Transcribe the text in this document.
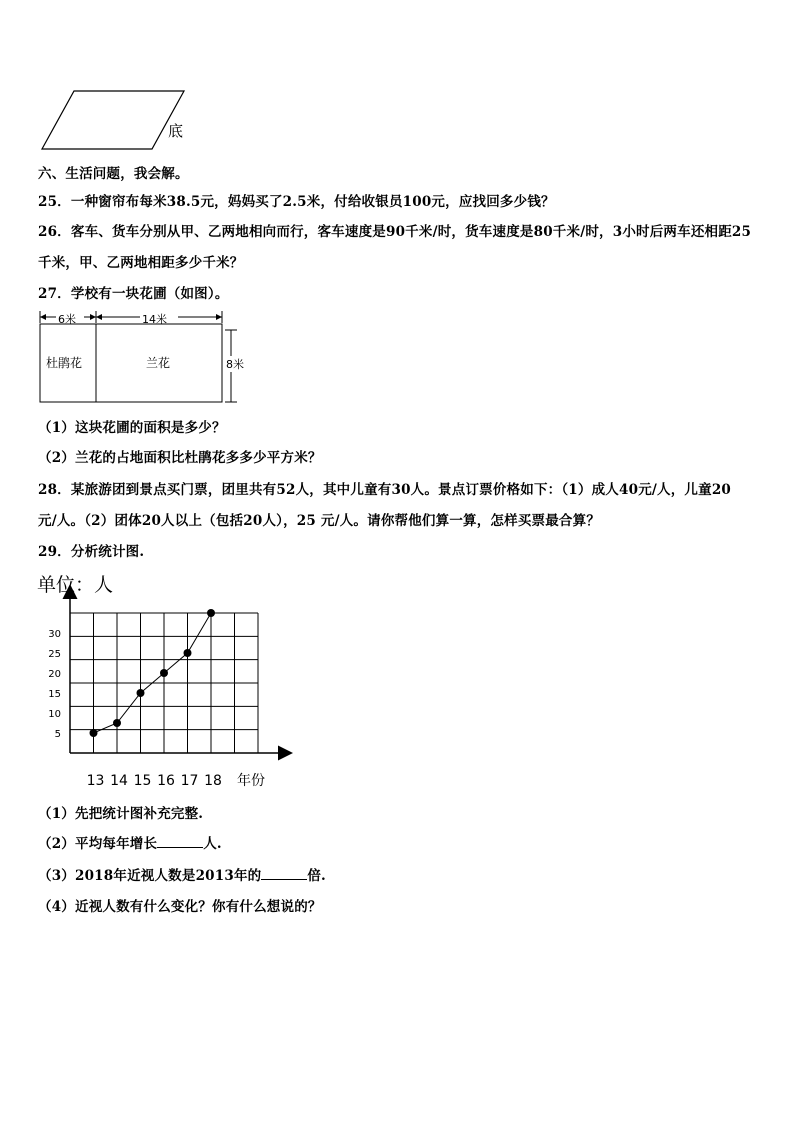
底
六、生活问题，我会解。
25．一种窗帘布每米38.5元，妈妈买了2.5米，付给收银员100元，应找回多少钱？
26．客车、货车分别从甲、乙两地相向而行，客车速度是90千米/时，货车速度是80千米/时，3小时后两车还相距25
千米，甲、乙两地相距多少千米？
27．学校有一块花圃（如图）。
6米	14米
8米
杜鹃花	兰花
（1）这块花圃的面积是多少？
（2）兰花的占地面积比杜鹃花多多少平方米？
28．某旅游团到景点买门票，团里共有52人，其中儿童有30人。景点订票价格如下：（1）成人40元/人，儿童20
元/人。（2）团体20人以上（包括20人），25 元/人。请你帮他们算一算，怎样买票最合算？
29．分析统计图.
单位：人
5
10
15
20
25
30
13 14 15 16 17 18 年份
（1）先把统计图补充完整.
（2）平均每年增长	人.
（3）2018年近视人数是2013年的	倍.
（4）近视人数有什么变化？你有什么想说的？
